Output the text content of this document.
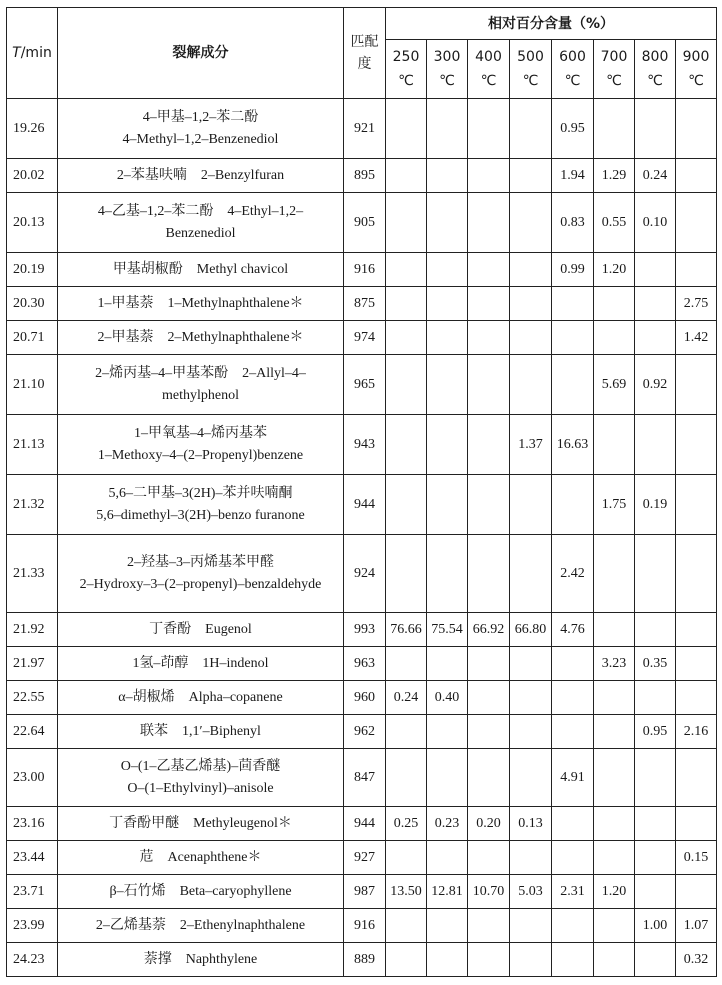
T/min	裂解成分	匹配度	相对百分含量（%）							
			250 ℃	300 ℃	400 ℃	500 ℃	600 ℃	700 ℃	800 ℃	900 ℃
19.26	4–甲基–1,2–苯二酚
4–Methyl–1,2–Benzenediol	921					0.95			
20.02	2–苯基呋喃　2–Benzylfuran	895					1.94	1.29	0.24	
20.13	4–乙基–1,2–苯二酚　4–Ethyl–1,2–
Benzenediol	905					0.83	0.55	0.10	
20.19	甲基胡椒酚　Methyl chavicol	916					0.99	1.20		
20.30	1–甲基萘　1–Methylnaphthalene＊	875								2.75
20.71	2–甲基萘　2–Methylnaphthalene＊	974								1.42
21.10	2–烯丙基–4–甲基苯酚　2–Allyl–4–
methylphenol	965						5.69	0.92	
21.13	1–甲氧基–4–烯丙基苯
1–Methoxy–4–(2–Propenyl)benzene	943				1.37	16.63			
21.32	5,6–二甲基–3(2H)–苯并呋喃酮
5,6–dimethyl–3(2H)–benzo furanone	944						1.75	0.19	
21.33	2–羟基–3–丙烯基苯甲醛
2–Hydroxy–3–(2–propenyl)–benzaldehyde	924					2.42			
21.92	丁香酚　Eugenol	993	76.66	75.54	66.92	66.80	4.76			
21.97	1氢–茚醇　1H–indenol	963						3.23	0.35	
22.55	α–胡椒烯　Alpha–copanene	960	0.24	0.40						
22.64	联苯　1,1′–Biphenyl	962							0.95	2.16
23.00	O–(1–乙基乙烯基)–茴香醚
O–(1–Ethylvinyl)–anisole	847					4.91			
23.16	丁香酚甲醚　Methyleugenol＊	944	0.25	0.23	0.20	0.13				
23.44	苊　Acenaphthene＊	927								0.15
23.71	β–石竹烯　Beta–caryophyllene	987	13.50	12.81	10.70	5.03	2.31	1.20		
23.99	2–乙烯基萘　2–Ethenylnaphthalene	916							1.00	1.07
24.23	萘撑　Naphthylene	889								0.32
